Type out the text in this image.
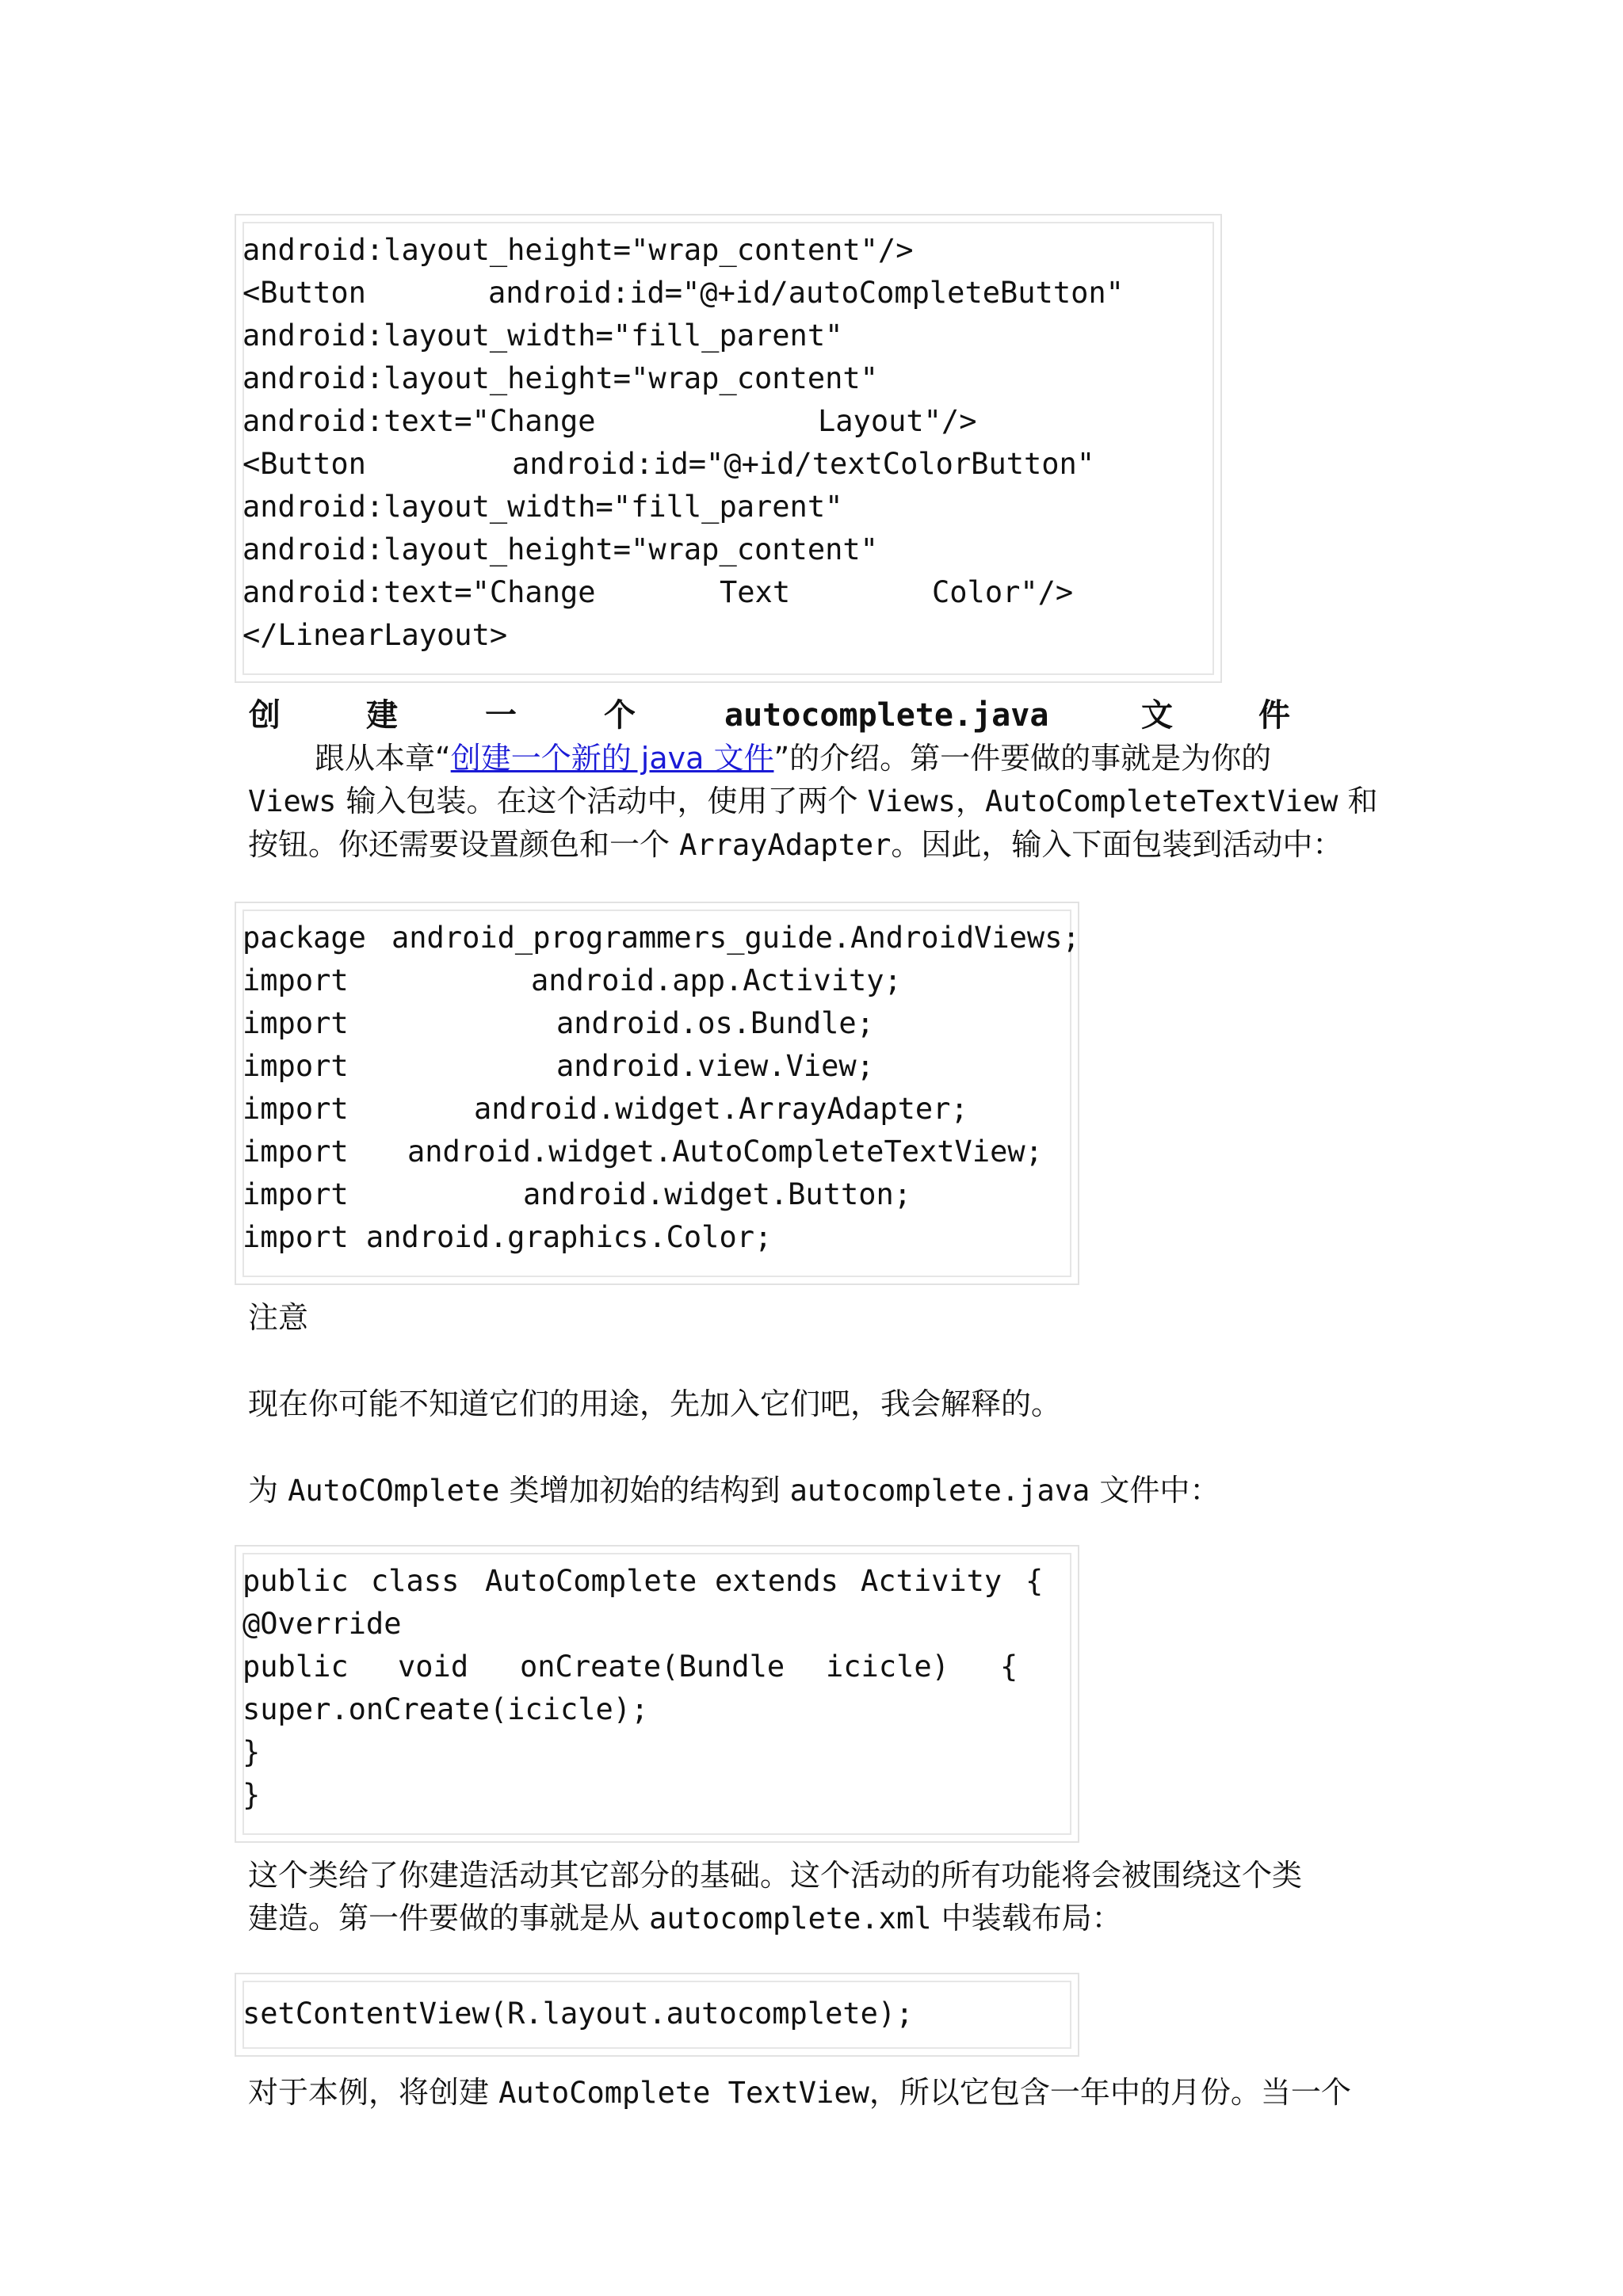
android:layout_height="wrap_content"/>
<Button	android:id="@+id/autoCompleteButton"
android:layout_width="fill_parent"
android:layout_height="wrap_content"
android:text="Change	Layout"/>
<Button	android:id="@+id/textColorButton"
android:layout_width="fill_parent"
android:layout_height="wrap_content"
android:text="Change	Text	Color"/>
</LinearLayout>
创	建	一	个	autocomplete.java	文	件
跟从本章“创建一个新的 java 文件”的介绍。第一件要做的事就是为你的
Views 输入包装。在这个活动中，使用了两个 Views，AutoCompleteTextView 和
按钮。你还需要设置颜色和一个 ArrayAdapter。因此，输入下面包装到活动中：
package android_programmers_guide.AndroidViews;
import	android.app.Activity;
import	android.os.Bundle;
import	android.view.View;
import	android.widget.ArrayAdapter;
import android.widget.AutoCompleteTextView;
import	android.widget.Button;
import android.graphics.Color;
注意
现在你可能不知道它们的用途，先加入它们吧，我会解释的。
为 AutoCOmplete 类增加初始的结构到 autocomplete.java 文件中：
public class AutoComplete extends Activity {
@Override
public void onCreate(Bundle icicle) {
super.onCreate(icicle);
}
}
这个类给了你建造活动其它部分的基础。这个活动的所有功能将会被围绕这个类
建造。第一件要做的事就是从 autocomplete.xml 中装载布局：
setContentView(R.layout.autocomplete);
对于本例，将创建 AutoComplete TextView，所以它包含一年中的月份。当一个
